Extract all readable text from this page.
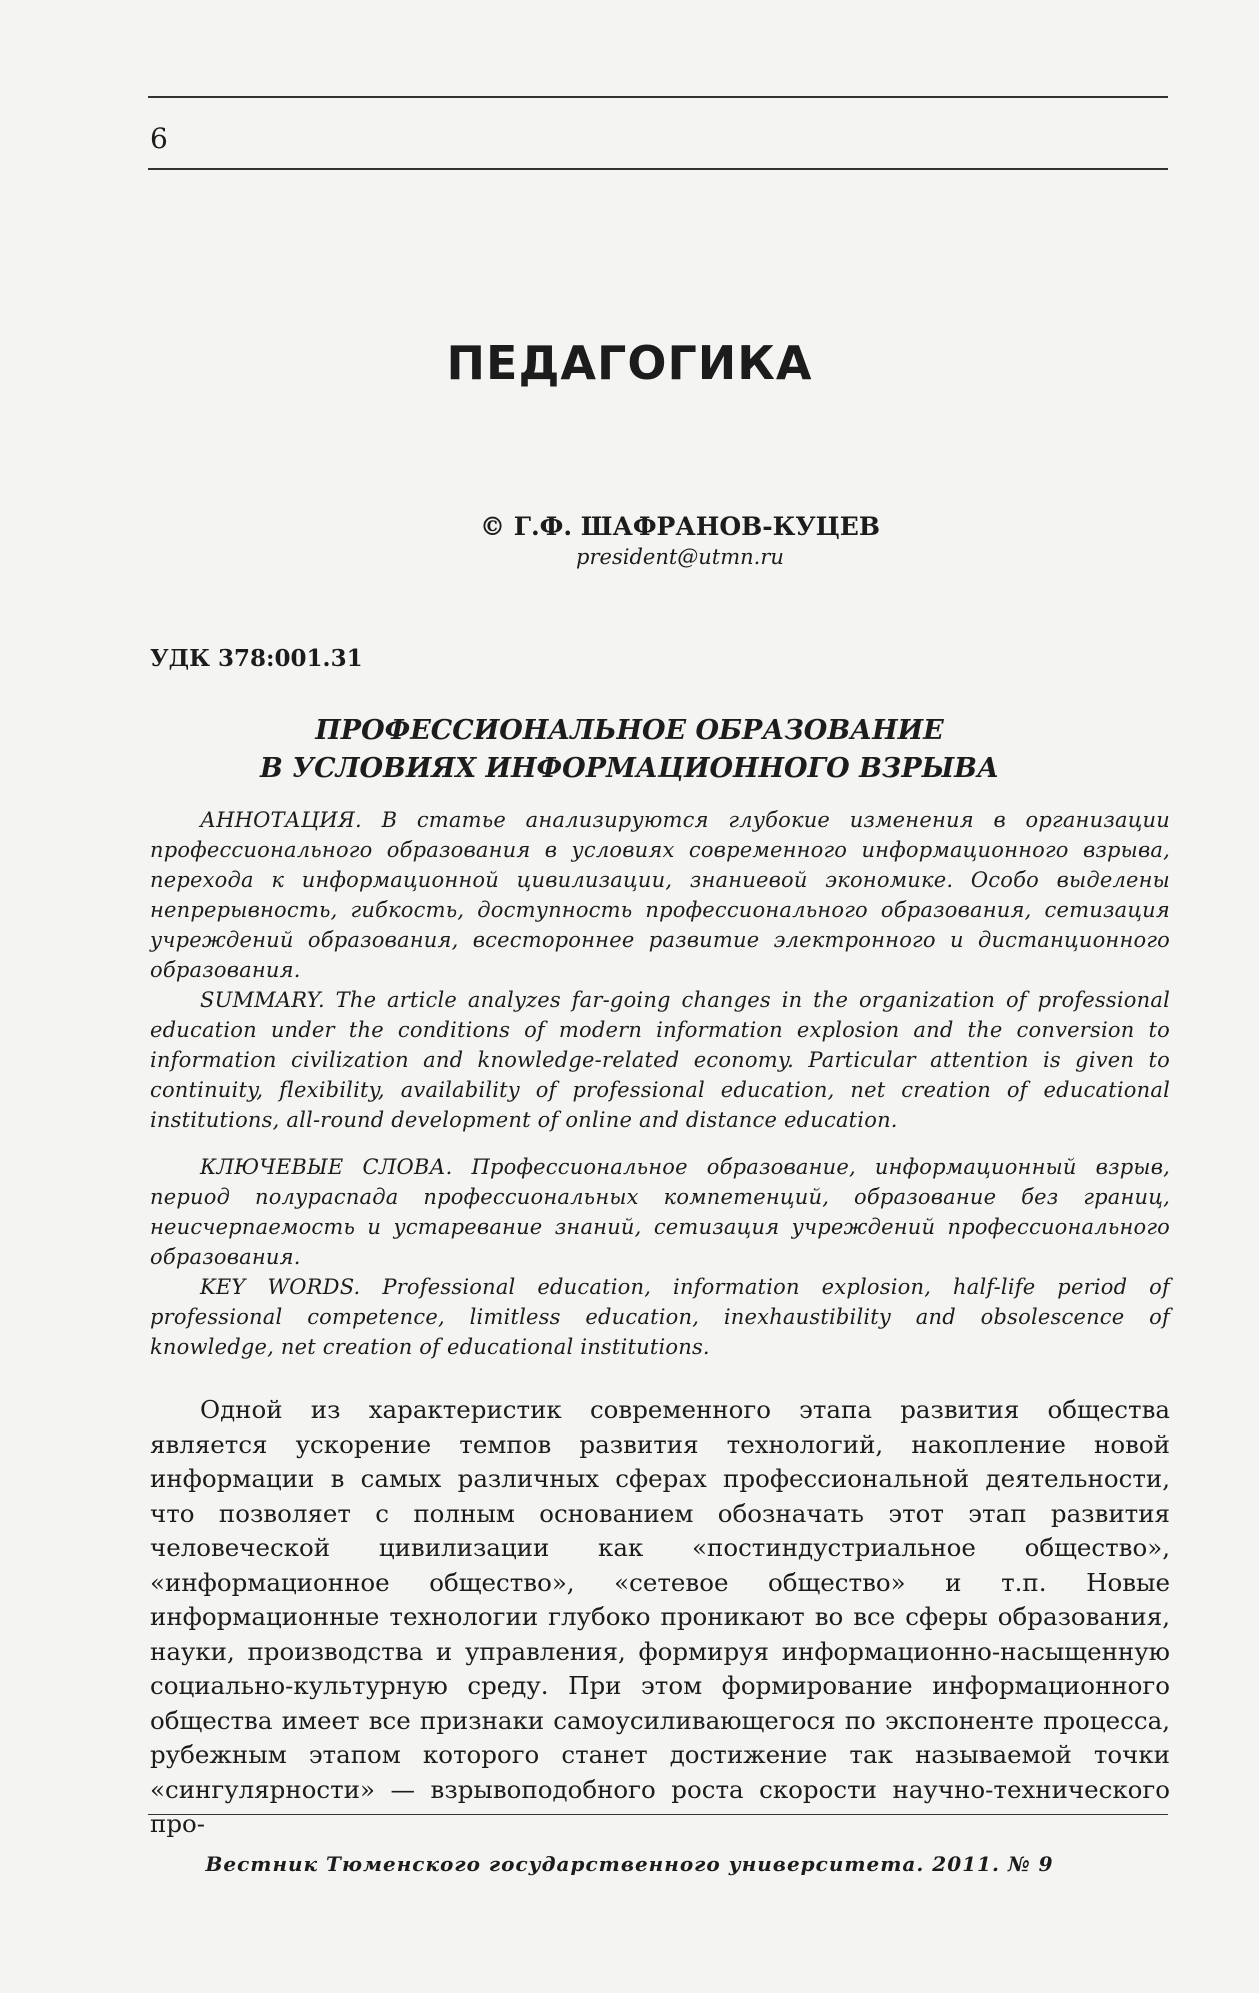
6
ПЕДАГОГИКА
© Г.Ф. ШАФРАНОВ-КУЦЕВ
president@utmn.ru
УДК 378:001.31
ПРОФЕССИОНАЛЬНОЕ ОБРАЗОВАНИЕ
В УСЛОВИЯХ ИНФОРМАЦИОННОГО ВЗРЫВА
АННОТАЦИЯ. В статье анализируются глубокие изменения в организации профессионального образования в условиях современного информационного взрыва, перехода к информационной цивилизации, знаниевой экономике. Особо выделены непрерывность, гибкость, доступность профессионального образования, сетизация учреждений образования, всестороннее развитие электронного и дистанционного образования.
SUMMARY. The article analyzes far-going changes in the organization of professional education under the conditions of modern information explosion and the conversion to information civilization and knowledge-related economy. Particular attention is given to continuity, flexibility, availability of professional education, net creation of educational institutions, all-round development of online and distance education.
КЛЮЧЕВЫЕ СЛОВА. Профессиональное образование, информационный взрыв, период полураспада профессиональных компетенций, образование без границ, неисчерпаемость и устаревание знаний, сетизация учреждений профессионального образования.
KEY WORDS. Professional education, information explosion, half-life period of professional competence, limitless education, inexhaustibility and obsolescence of knowledge, net creation of educational institutions.
Одной из характеристик современного этапа развития общества является ускорение темпов развития технологий, накопление новой информации в самых различных сферах профессиональной деятельности, что позволяет с полным основанием обозначать этот этап развития человеческой цивилизации как «постиндустриальное общество», «информационное общество», «сетевое общество» и т.п. Новые информационные технологии глубоко проникают во все сферы образования, науки, производства и управления, формируя информационно-насыщенную социально-культурную среду. При этом формирование информационного общества имеет все признаки самоусиливающегося по экспоненте процесса, рубежным этапом которого станет достижение так называемой точки «сингулярности» — взрывоподобного роста скорости научно-технического про-
Вестник Тюменского государственного университета. 2011. № 9
